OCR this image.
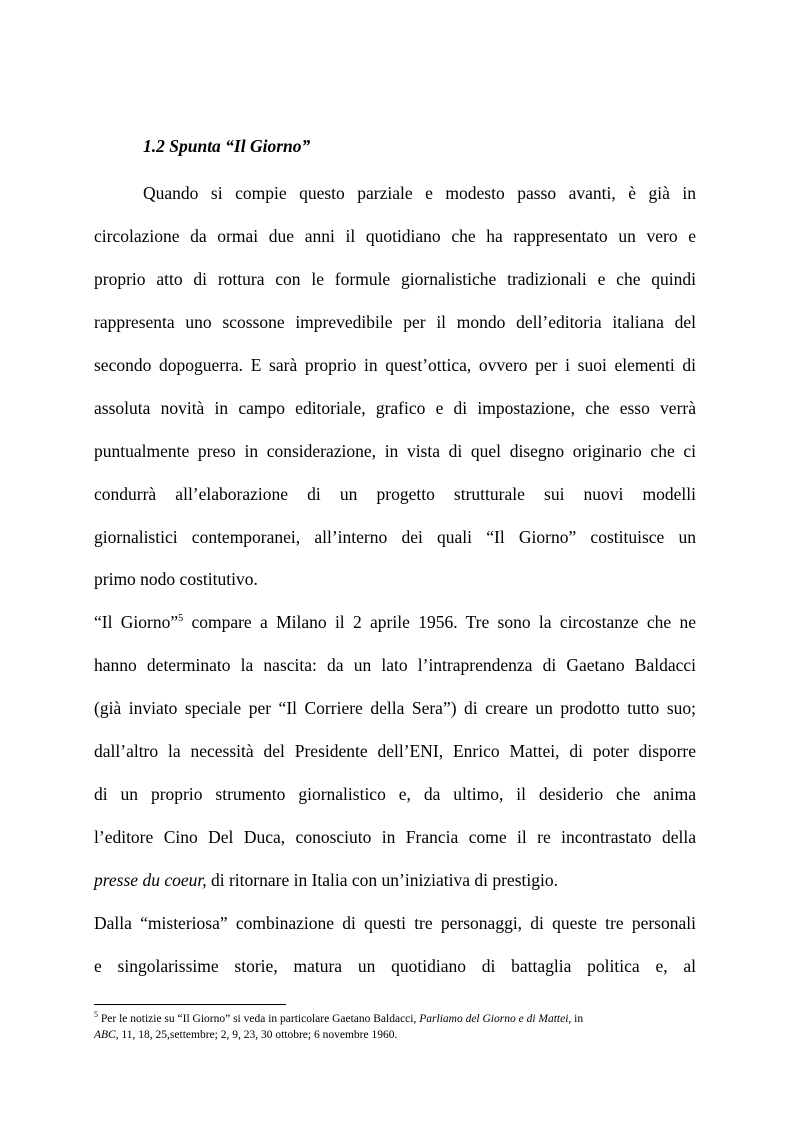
1.2 Spunta “Il Giorno”
Quando si compie questo parziale e modesto passo avanti, è già in
circolazione da ormai due anni il quotidiano che ha rappresentato un vero e
proprio atto di rottura con le formule giornalistiche tradizionali e che quindi
rappresenta uno scossone imprevedibile per il mondo dell’editoria italiana del
secondo dopoguerra. E sarà proprio in quest’ottica, ovvero per i suoi elementi di
assoluta novità in campo editoriale, grafico e di impostazione, che esso verrà
puntualmente preso in considerazione, in vista di quel disegno originario che ci
condurrà all’elaborazione di un progetto strutturale sui nuovi modelli
giornalistici contemporanei, all’interno dei quali “Il Giorno” costituisce un
primo nodo costitutivo.
“Il Giorno”$^5$ compare a Milano il 2 aprile 1956. Tre sono la circostanze che ne
hanno determinato la nascita: da un lato l’intraprendenza di Gaetano Baldacci
(già inviato speciale per “Il Corriere della Sera”) di creare un prodotto tutto suo;
dall’altro la necessità del Presidente dell’ENI, Enrico Mattei, di poter disporre
di un proprio strumento giornalistico e, da ultimo, il desiderio che anima
l’editore Cino Del Duca, conosciuto in Francia come il re incontrastato della
presse du coeur, di ritornare in Italia con un’iniziativa di prestigio.
Dalla “misteriosa” combinazione di questi tre personaggi, di queste tre personali
e singolarissime storie, matura un quotidiano di battaglia politica e, al
$^5$ Per le notizie su “Il Giorno” si veda in particolare Gaetano Baldacci, Parliamo del Giorno e di Mattei, in
ABC, 11, 18, 25,settembre; 2, 9, 23, 30 ottobre; 6 novembre 1960.
